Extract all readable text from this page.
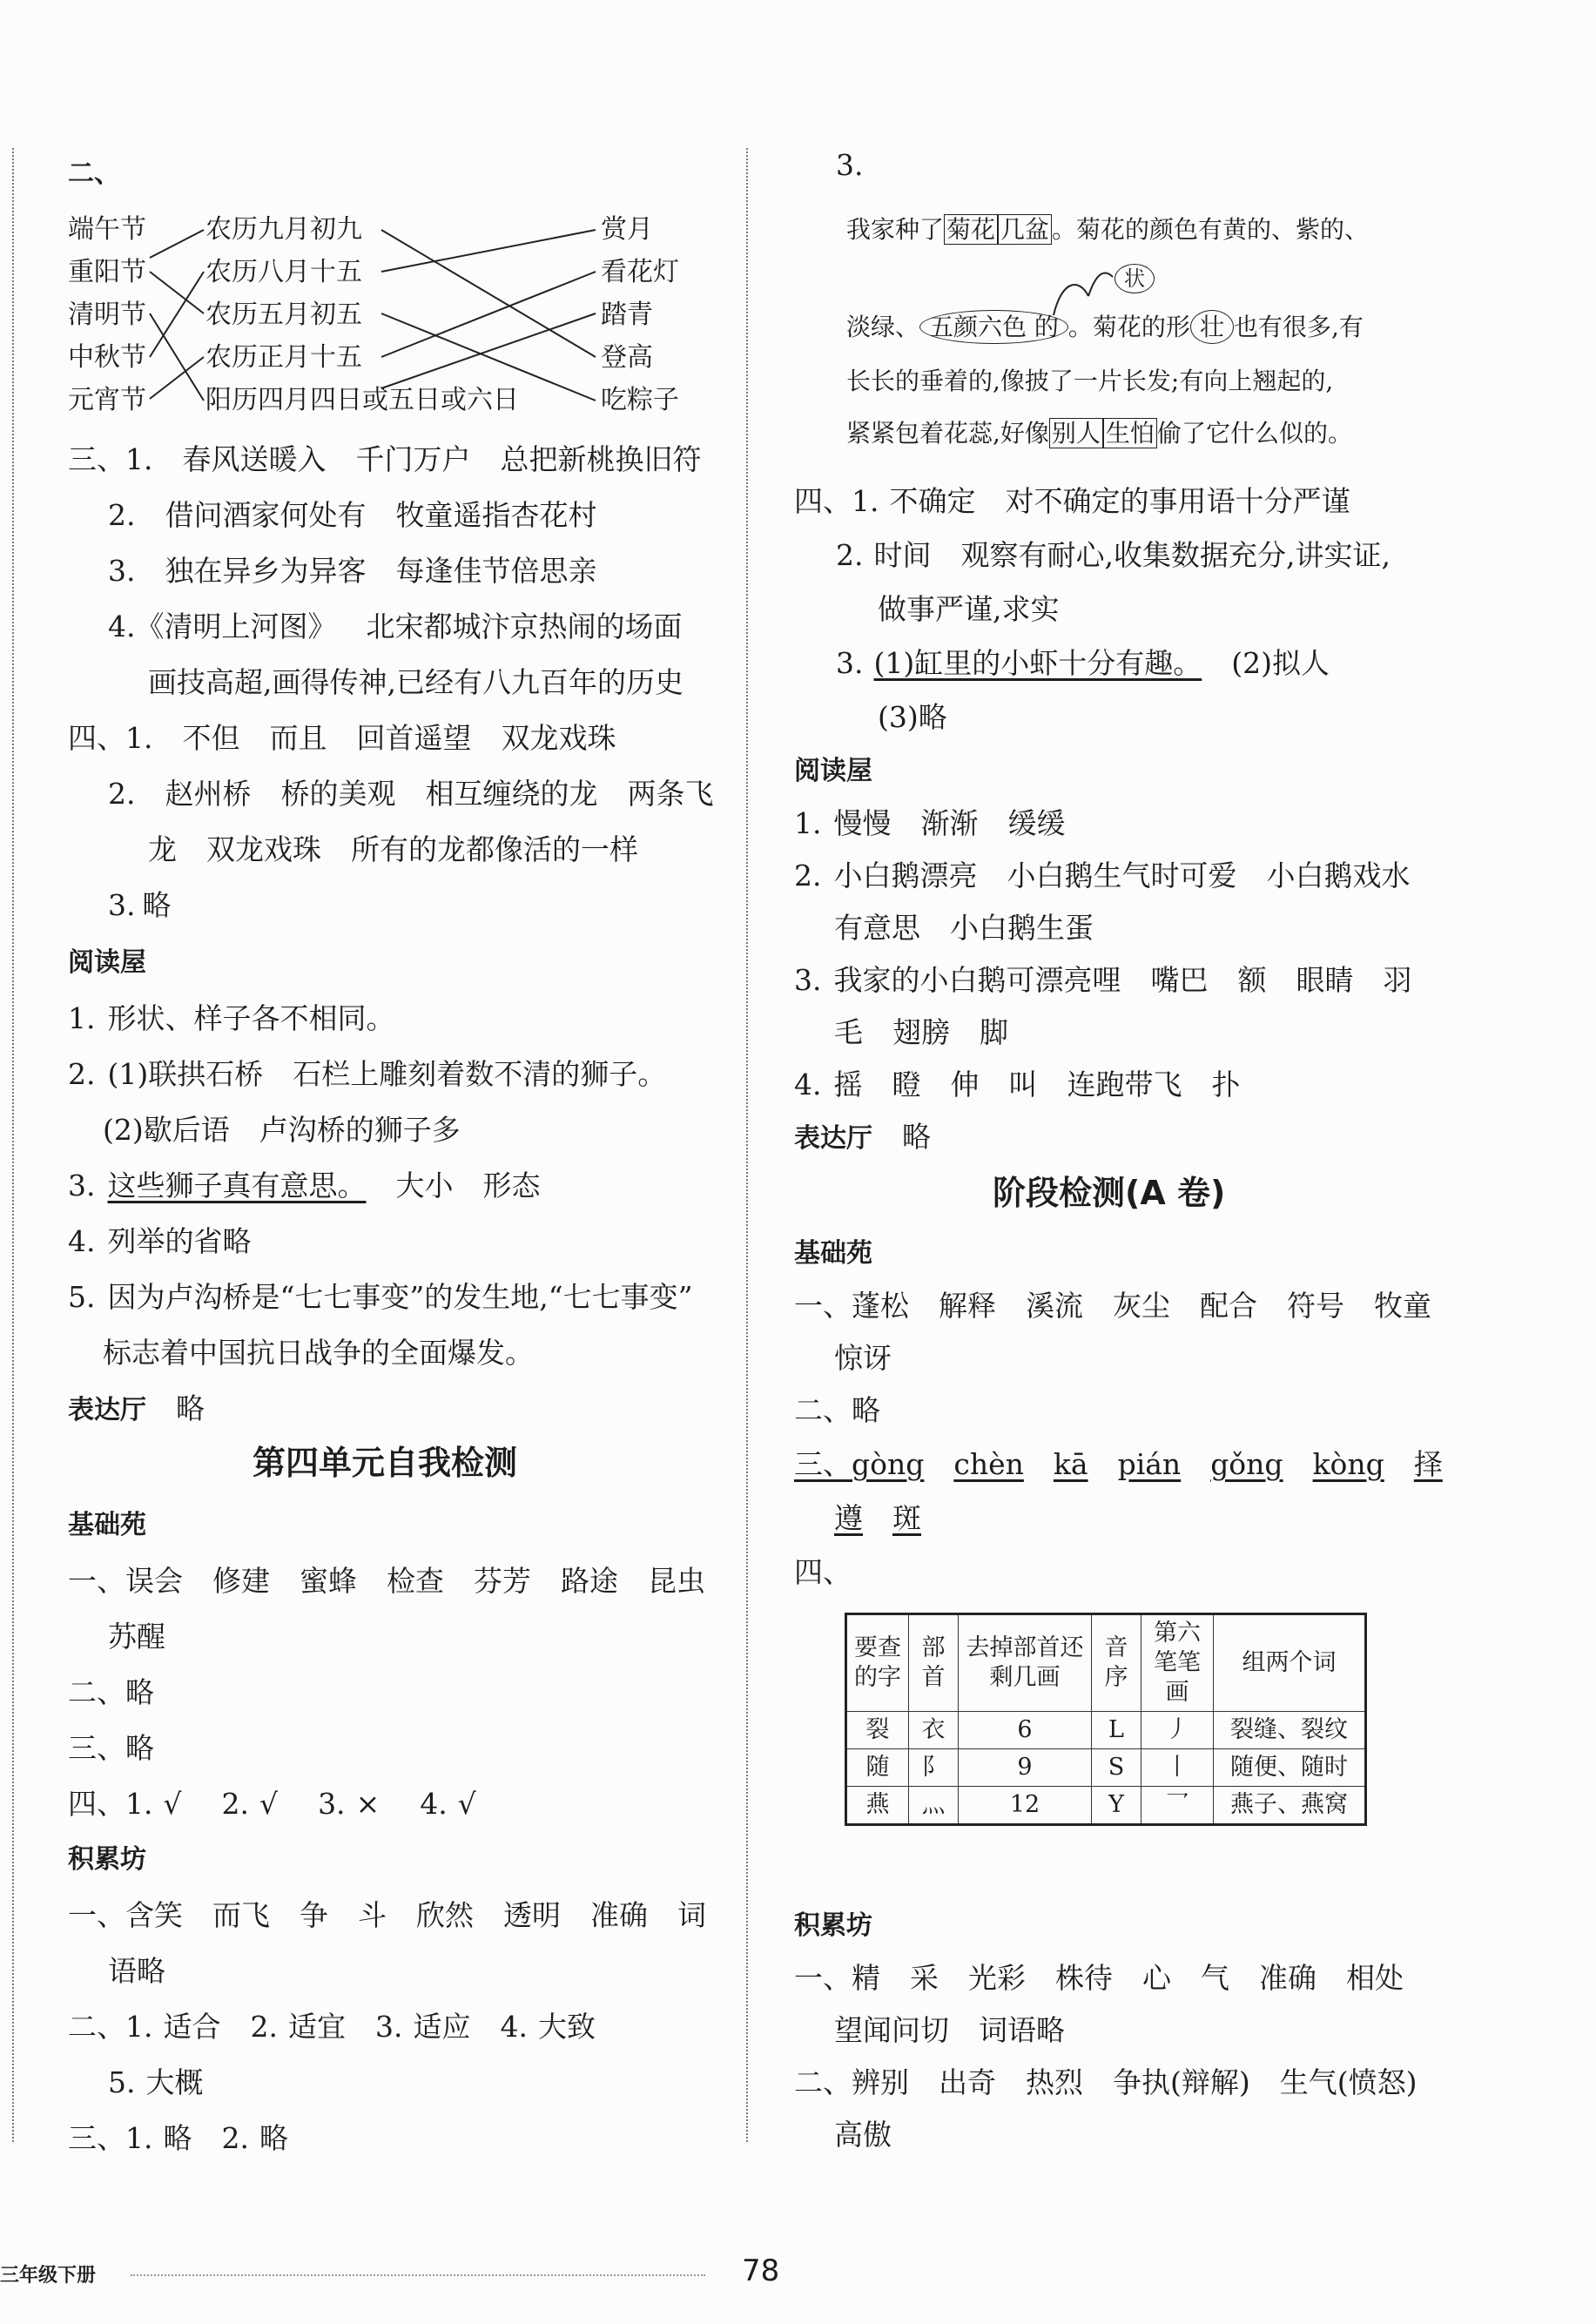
二、
端午节
重阳节
清明节
中秋节
元宵节
农历九月初九
农历八月十五
农历五月初五
农历正月十五
阳历四月四日或五日或六日
赏月
看花灯
踏青
登高
吃粽子
三、1. 春风送暖入 千门万户 总把新桃换旧符
2. 借问酒家何处有 牧童遥指杏花村
3. 独在异乡为异客 每逢佳节倍思亲
4.《清明上河图》 北宋都城汴京热闹的场面
画技高超,画得传神,已经有八九百年的历史
四、1. 不但 而且 回首遥望 双龙戏珠
2. 赵州桥 桥的美观 相互缠绕的龙 两条飞
龙 双龙戏珠 所有的龙都像活的一样
3. 略
阅读屋
1. 形状、样子各不相同。
2. (1)联拱石桥 石栏上雕刻着数不清的狮子。
(2)歇后语 卢沟桥的狮子多
3. 这些狮子真有意思。 大小 形态
4. 列举的省略
5. 因为卢沟桥是“七七事变”的发生地,“七七事变”
标志着中国抗日战争的全面爆发。
表达厅 略
第四单元自我检测
基础苑
一、误会 修建 蜜蜂 检查 芬芳 路途 昆虫
苏醒
二、略
三、略
四、1. √ 2. √ 3. × 4. √
积累坊
一、含笑 而飞 争 斗 欣然 透明 准确 词
语略
二、1. 适合 2. 适宜 3. 适应 4. 大致
5. 大概
三、1. 略 2. 略
三年级下册
3.
我家种了 菊花 几盆 。菊花的颜色有黄的、紫的、
状
淡绿、 五颜六色 的 。菊花的形 壮 也有很多,有
长长的垂着的,像披了一片长发;有向上翘起的,
紧紧包着花蕊,好像 别人 生怕 偷了它什么似的。
四、1. 不确定 对不确定的事用语十分严谨
2. 时间 观察有耐心,收集数据充分,讲实证,
做事严谨,求实
3. (1)缸里的小虾十分有趣。 (2)拟人
(3)略
阅读屋
1. 慢慢 渐渐 缓缓
2. 小白鹅漂亮 小白鹅生气时可爱 小白鹅戏水
有意思 小白鹅生蛋
3. 我家的小白鹅可漂亮哩 嘴巴 额 眼睛 羽
毛 翅膀 脚
4. 摇 瞪 伸 叫 连跑带飞 扑
表达厅 略
阶段检测(A 卷)
基础苑
一、蓬松 解释 溪流 灰尘 配合 符号 牧童
惊讶
二、略
三、gòng chèn kā pián gǒng kòng 择
遵 斑
四、
要查的字	部首	去掉部首还剩几画	音序	第六笔笔画	组两个词
裂	衣	6	L	丿	裂缝、裂纹
随	阝	9	S	丨	随便、随时
燕	灬	12	Y	乛	燕子、燕窝
积累坊
一、精 采 光彩 株待 心 气 准确 相处
望闻问切 词语略
二、辨别 出奇 热烈 争执(辩解) 生气(愤怒)
高傲
78
